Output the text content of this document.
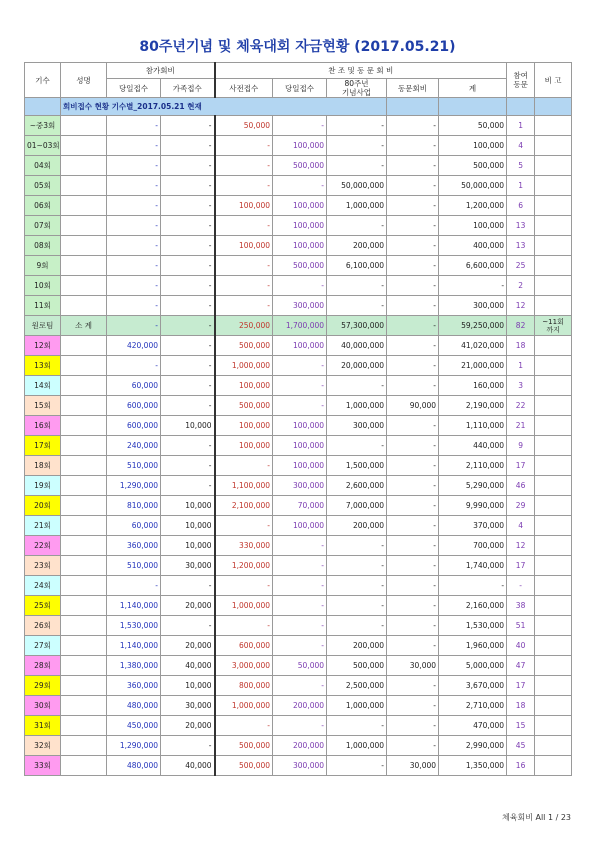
80주년기념 및 체육대회 자금현황 (2017.05.21)
기수	성명	참가회비		찬 조 및 동 문 회 비					참여
동문	비 고
		당일접수	가족접수	사전접수	당일접수	80주년
기념사업	동문회비	계		
	회비접수 현황 기수별_2017.05.21 현재									
~중3회		-	-	50,000	-	-	-	50,000	1	
01~03회		-	-	-	100,000	-	-	100,000	4	
04회		-	-	-	500,000	-	-	500,000	5	
05회		-	-	-	-	50,000,000	-	50,000,000	1	
06회		-	-	100,000	100,000	1,000,000	-	1,200,000	6	
07회		-	-	-	100,000	-	-	100,000	13	
08회		-	-	100,000	100,000	200,000	-	400,000	13	
9회		-	-	-	500,000	6,100,000	-	6,600,000	25	
10회		-	-	-	-	-	-	-	2	
11회		-	-	-	300,000	-	-	300,000	12	
원로팀	소 계	-	-	250,000	1,700,000	57,300,000	-	59,250,000	82	~11회
까지
12회		420,000	-	500,000	100,000	40,000,000	-	41,020,000	18	
13회		-	-	1,000,000	-	20,000,000	-	21,000,000	1	
14회		60,000	-	100,000	-	-	-	160,000	3	
15회		600,000	-	500,000	-	1,000,000	90,000	2,190,000	22	
16회		600,000	10,000	100,000	100,000	300,000	-	1,110,000	21	
17회		240,000	-	100,000	100,000	-	-	440,000	9	
18회		510,000	-	-	100,000	1,500,000	-	2,110,000	17	
19회		1,290,000	-	1,100,000	300,000	2,600,000	-	5,290,000	46	
20회		810,000	10,000	2,100,000	70,000	7,000,000	-	9,990,000	29	
21회		60,000	10,000	-	100,000	200,000	-	370,000	4	
22회		360,000	10,000	330,000	-	-	-	700,000	12	
23회		510,000	30,000	1,200,000	-	-	-	1,740,000	17	
24회		-	-	-	-	-	-	-	-	
25회		1,140,000	20,000	1,000,000	-	-	-	2,160,000	38	
26회		1,530,000	-	-	-	-	-	1,530,000	51	
27회		1,140,000	20,000	600,000	-	200,000	-	1,960,000	40	
28회		1,380,000	40,000	3,000,000	50,000	500,000	30,000	5,000,000	47	
29회		360,000	10,000	800,000	-	2,500,000	-	3,670,000	17	
30회		480,000	30,000	1,000,000	200,000	1,000,000	-	2,710,000	18	
31회		450,000	20,000	-	-	-	-	470,000	15	
32회		1,290,000	-	500,000	200,000	1,000,000	-	2,990,000	45	
33회		480,000	40,000	500,000	300,000	-	30,000	1,350,000	16	
체육회비 All 1 / 23
